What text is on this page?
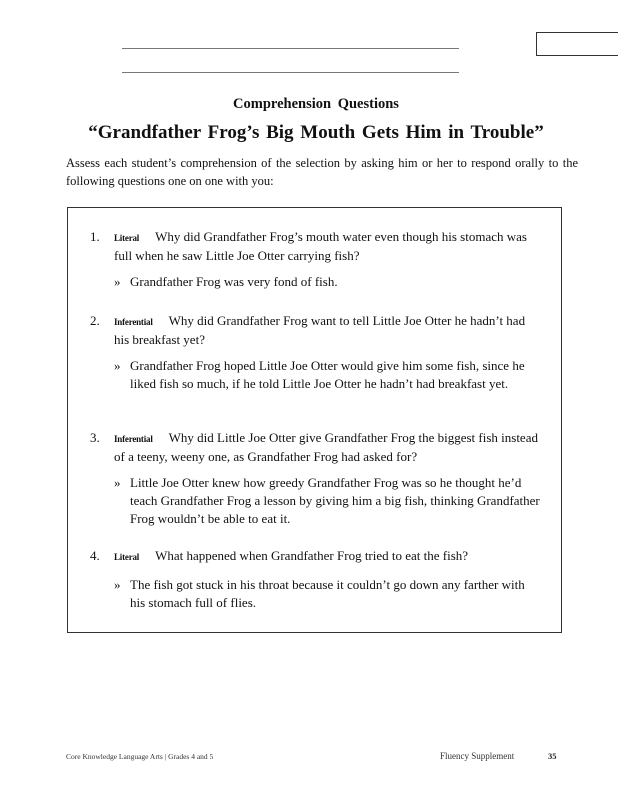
Comprehension Questions
“Grandfather Frog’s Big Mouth Gets Him in Trouble”
Assess each student’s comprehension of the selection by asking him or her to respond orally to the following questions one on one with you:
1. Literal Why did Grandfather Frog’s mouth water even though his stomach was full when he saw Little Joe Otter carrying fish?
» Grandfather Frog was very fond of fish.
2. Inferential Why did Grandfather Frog want to tell Little Joe Otter he hadn’t had his breakfast yet?
» Grandfather Frog hoped Little Joe Otter would give him some fish, since he liked fish so much, if he told Little Joe Otter he hadn’t had breakfast yet.
3. Inferential Why did Little Joe Otter give Grandfather Frog the biggest fish instead of a teeny, weeny one, as Grandfather Frog had asked for?
» Little Joe Otter knew how greedy Grandfather Frog was so he thought he’d teach Grandfather Frog a lesson by giving him a big fish, thinking Grandfather Frog wouldn’t be able to eat it.
4. Literal What happened when Grandfather Frog tried to eat the fish?
» The fish got stuck in his throat because it couldn’t go down any farther with his stomach full of flies.
Core Knowledge Language Arts | Grades 4 and 5	Fluency Supplement	35
